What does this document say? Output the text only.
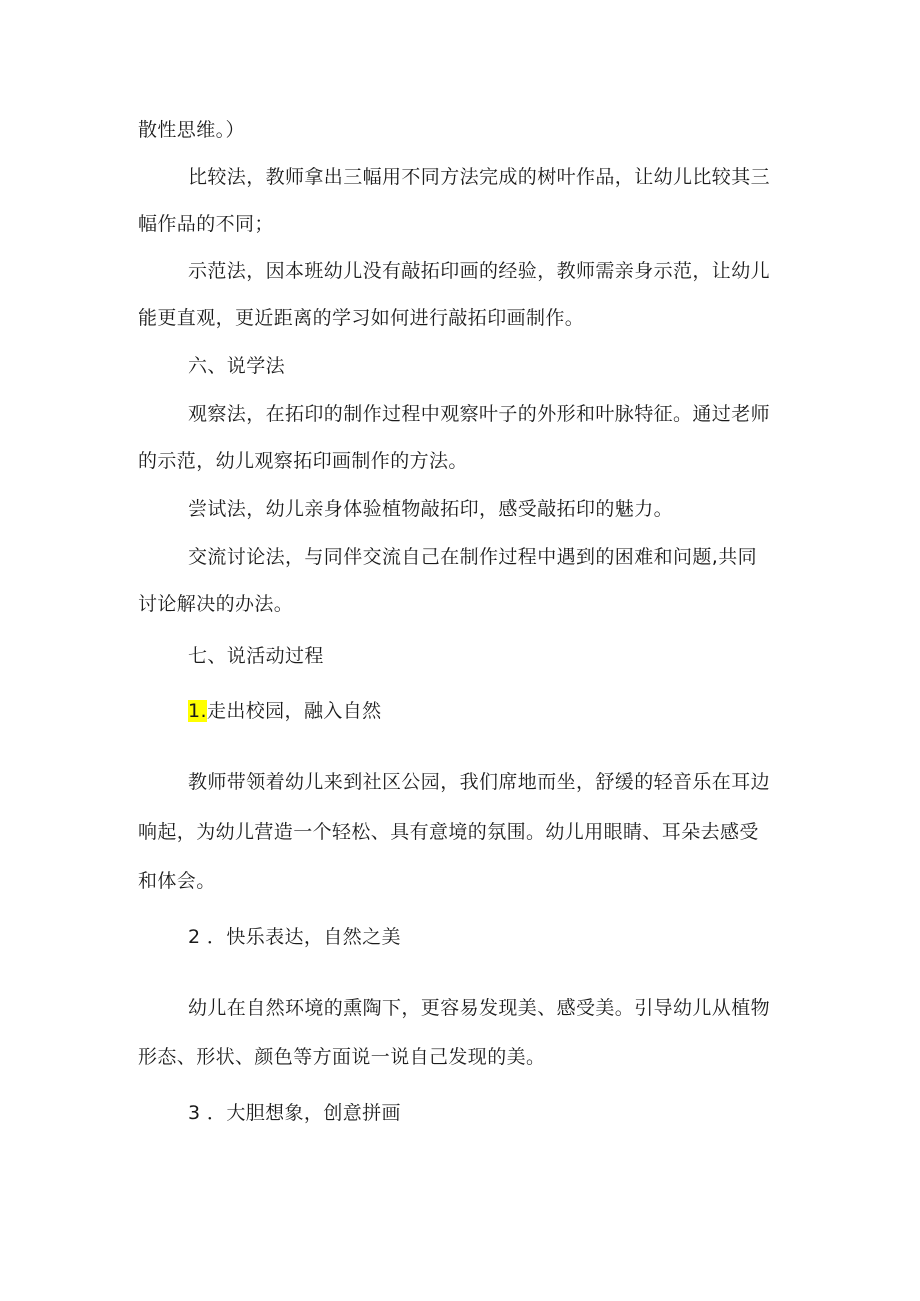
散性思维。）
比较法，教师拿出三幅用不同方法完成的树叶作品，让幼儿比较其三
幅作品的不同；
示范法，因本班幼儿没有敲拓印画的经验，教师需亲身示范，让幼儿
能更直观，更近距离的学习如何进行敲拓印画制作。
六、说学法
观察法，在拓印的制作过程中观察叶子的外形和叶脉特征。通过老师
的示范，幼儿观察拓印画制作的方法。
尝试法，幼儿亲身体验植物敲拓印，感受敲拓印的魅力。
交流讨论法，与同伴交流自己在制作过程中遇到的困难和问题,共同
讨论解决的办法。
七、说活动过程
1.走出校园，融入自然
教师带领着幼儿来到社区公园，我们席地而坐，舒缓的轻音乐在耳边
响起，为幼儿营造一个轻松、具有意境的氛围。幼儿用眼睛、耳朵去感受
和体会。
2 ．快乐表达，自然之美
幼儿在自然环境的熏陶下，更容易发现美、感受美。引导幼儿从植物
形态、形状、颜色等方面说一说自己发现的美。
3 ．大胆想象，创意拼画
